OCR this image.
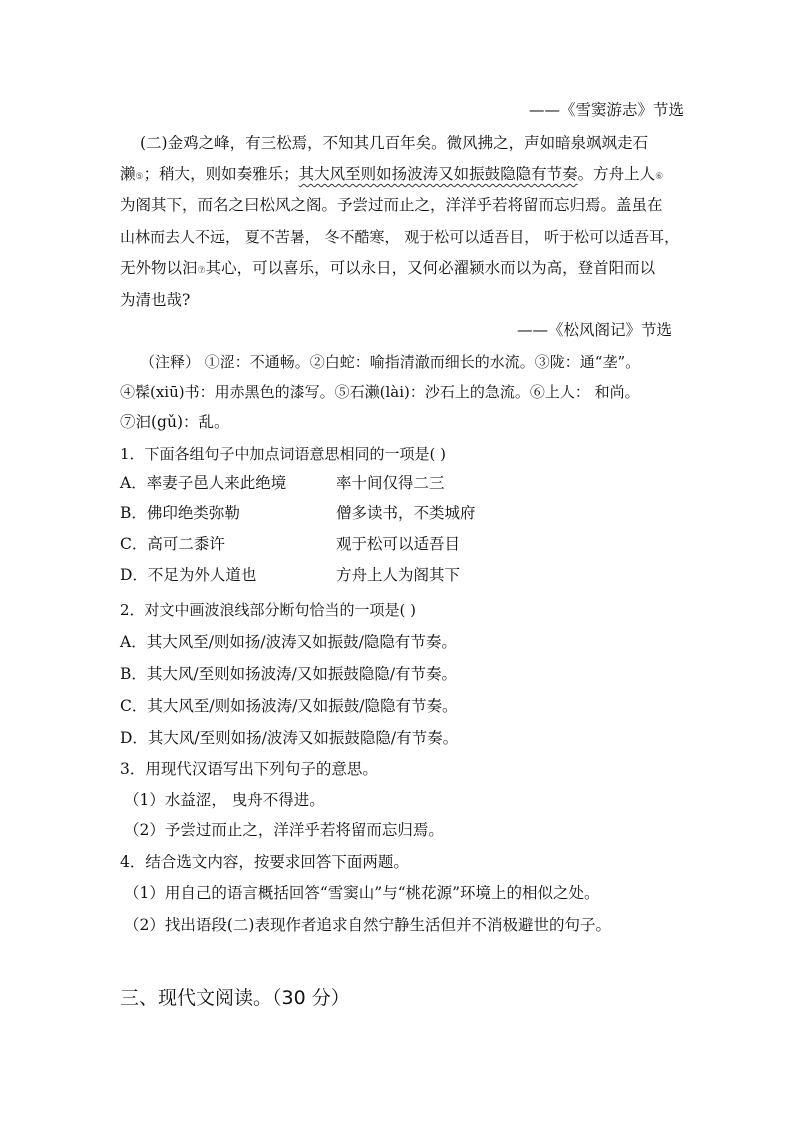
——《雪窦游志》节选
(二)金鸡之峰，有三松焉，不知其几百年矣。微风拂之，声如暗泉飒飒走石
濑⑤；稍大，则如奏雅乐；其大风至则如扬波涛又如振鼓隐隐有节奏。方舟上人⑥
为阁其下，而名之曰松风之阁。予尝过而止之，洋洋乎若将留而忘归焉。盖虽在
山林而去人不远， 夏不苦暑， 冬不酷寒， 观于松可以适吾目， 听于松可以适吾耳，
无外物以汩⑦其心，可以喜乐，可以永日，又何必濯颍水而以为高，登首阳而以
为清也哉?
——《松风阁记》节选
（注释） ①涩：不通畅。②白蛇：喻指清澈而细长的水流。③陇：通“垄”。
④髹(xiū)书：用赤黑色的漆写。⑤石濑(lài)：沙石上的急流。⑥上人： 和尚。
⑦汩(gǔ)：乱。
1．下面各组句子中加点词语意思相同的一项是( )
A．率妻子邑人来此绝境	率十间仅得二三
B．佛印绝类弥勒	僧多读书，不类城府
C．高可二黍许	观于松可以适吾目
D．不足为外人道也	方舟上人为阁其下
2．对文中画波浪线部分断句恰当的一项是( )
A．其大风至/则如扬/波涛又如振鼓/隐隐有节奏。
B．其大风/至则如扬波涛/又如振鼓隐隐/有节奏。
C．其大风至/则如扬波涛/又如振鼓/隐隐有节奏。
D．其大风/至则如扬/波涛又如振鼓隐隐/有节奏。
3．用现代汉语写出下列句子的意思。
（1）水益涩， 曳舟不得进。
（2）予尝过而止之，洋洋乎若将留而忘归焉。
4．结合选文内容，按要求回答下面两题。
（1）用自己的语言概括回答“雪窦山”与“桃花源”环境上的相似之处。
（2）找出语段(二)表现作者追求自然宁静生活但并不消极避世的句子。
三、现代文阅读。（30 分）
